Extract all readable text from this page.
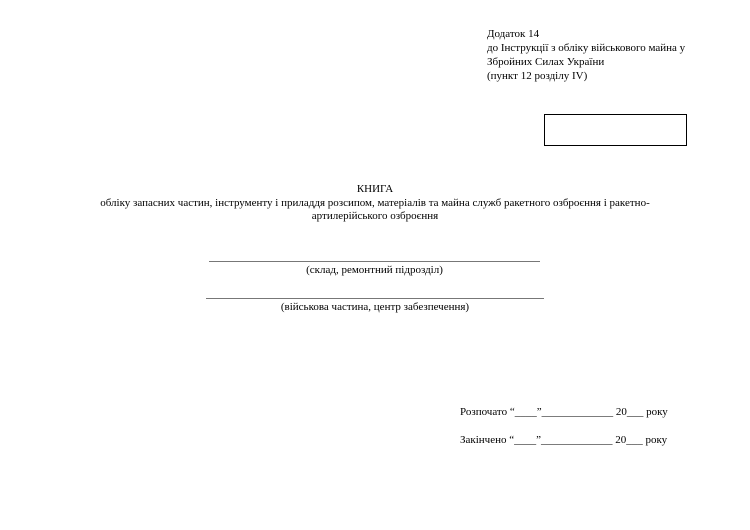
Додаток 14
до Інструкції з обліку військового майна у
Збройних Силах України
(пункт 12 розділу IV)
КНИГА
обліку запасних частин, інструменту і приладдя розсипом, матеріалів та майна служб ракетного озброєння і ракетно-
артилерійського озброєння
(склад, ремонтний підрозділ)
(військова частина, центр забезпечення)
Розпочато “____”_____________ 20___ року
Закінчено “____”_____________ 20___ року
